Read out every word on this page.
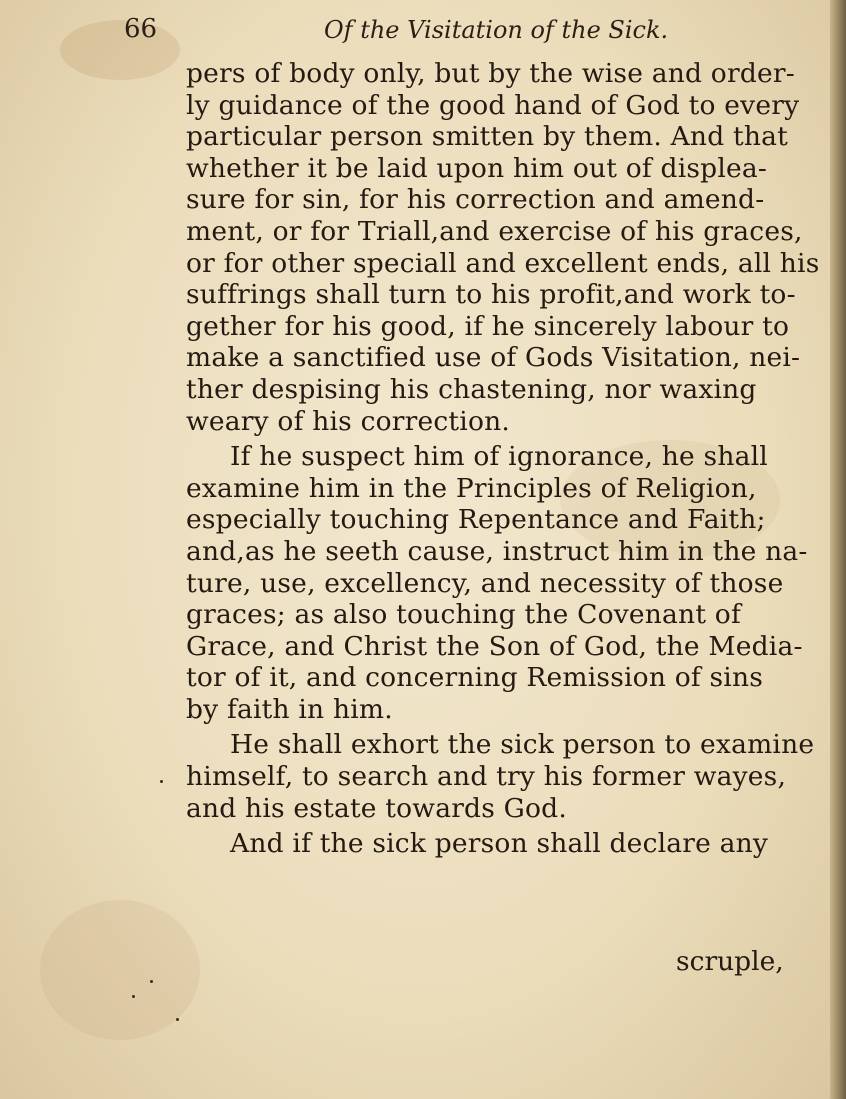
66	Of the Visitation of the Sick.
pers of body only, but by the wise and order-
ly guidance of the good hand of God to every
particular person smitten by them. And that
whether it be laid upon him out of displea-
sure for sin, for his correction and amend-
ment, or for Triall,and exercise of his graces,
or for other speciall and excellent ends, all his
suffrings shall turn to his profit,and work to-
gether for his good, if he sincerely labour to
make a sanctified use of Gods Visitation, nei-
ther despising his chastening, nor waxing
weary of his correction.
If he suspect him of ignorance, he shall
examine him in the Principles of Religion,
especially touching Repentance and Faith;
and,as he seeth cause, instruct him in the na-
ture, use, excellency, and necessity of those
graces; as also touching the Covenant of
Grace, and Christ the Son of God, the Media-
tor of it, and concerning Remission of sins
by faith in him.
He shall exhort the sick person to examine
himself, to search and try his former wayes,
and his estate towards God.
And if the sick person shall declare any
scruple,
